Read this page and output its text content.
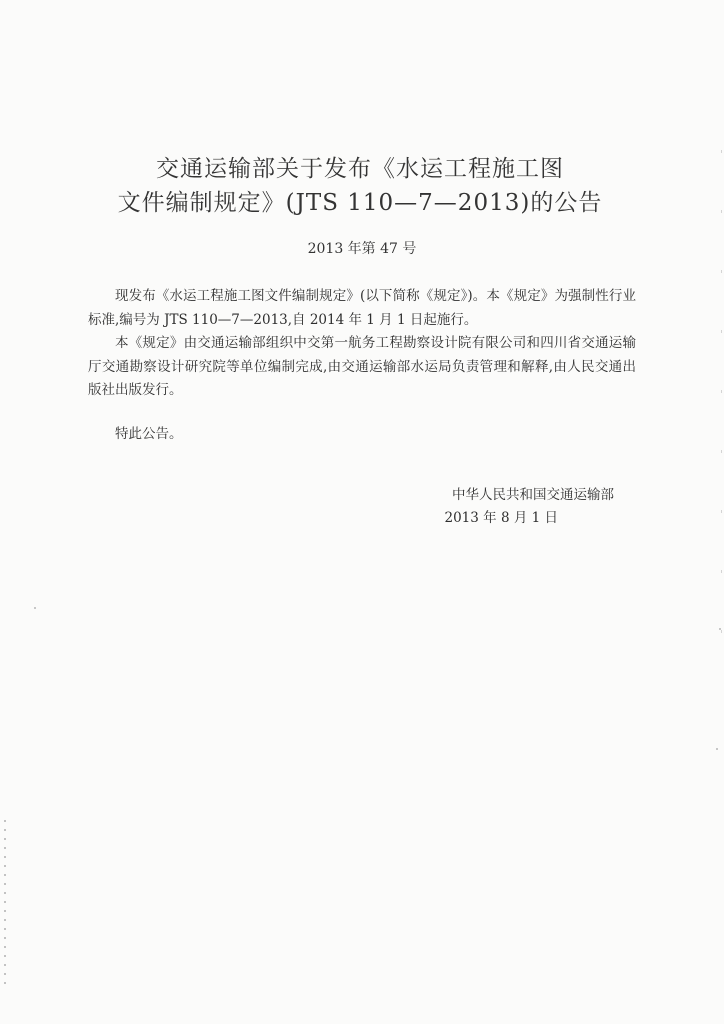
交通运输部关于发布《水运工程施工图
文件编制规定》(JTS 110—7—2013)的公告
2013 年第 47 号

现发布《水运工程施工图文件编制规定》(以下简称《规定》)。本《规定》为强制性行业标准,编号为 JTS 110—7—2013,自 2014 年 1 月 1 日起施行。

本《规定》由交通运输部组织中交第一航务工程勘察设计院有限公司和四川省交通运输厅交通勘察设计研究院等单位编制完成,由交通运输部水运局负责管理和解释,由人民交通出版社出版发行。

特此公告。

中华人民共和国交通运输部
2013 年 8 月 1 日
